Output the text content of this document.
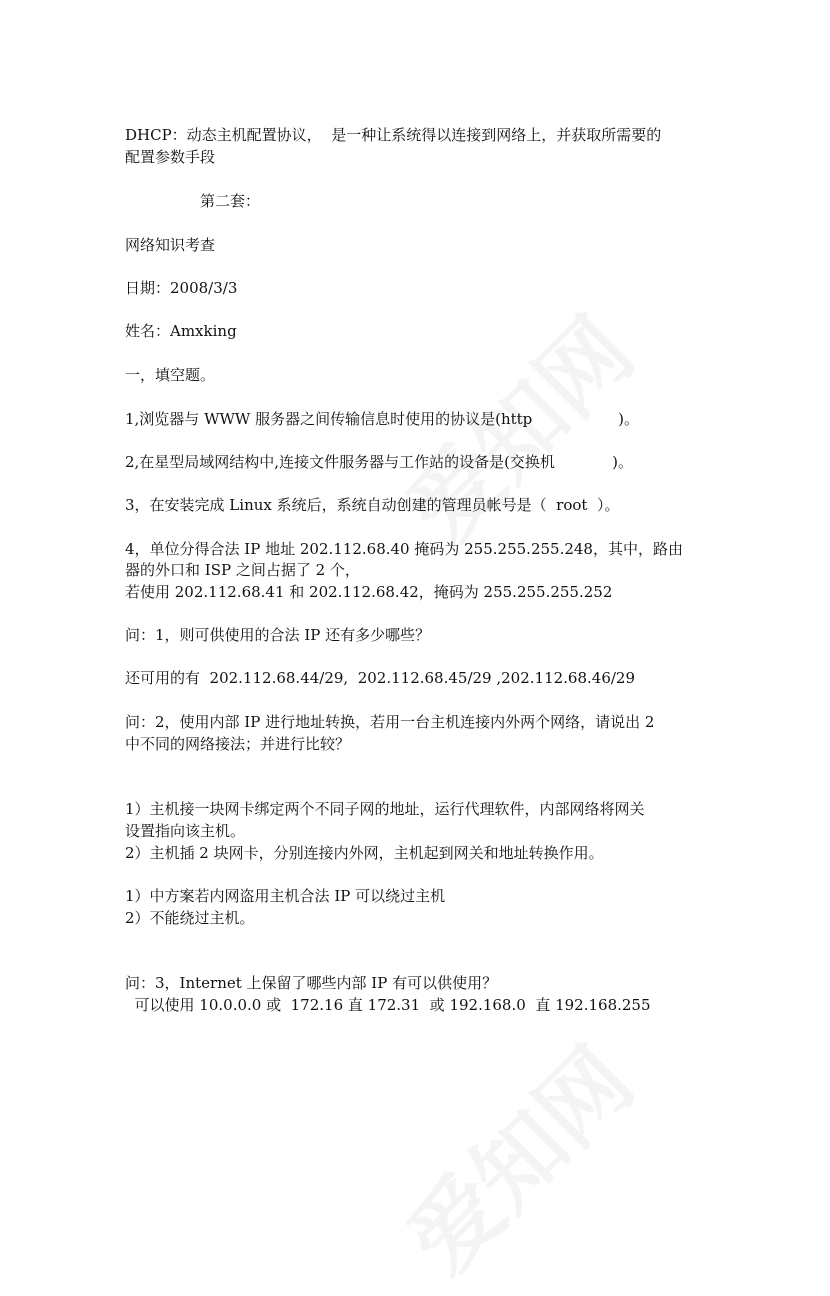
DHCP：动态主机配置协议，  是一种让系统得以连接到网络上，并获取所需要的

配置参数手段

第二套：

网络知识考查

日期：2008/3/3

姓名：Amxking

一，填空题。

1,浏览器与 WWW 服务器之间传输信息时使用的协议是(http                  )。

2,在星型局域网结构中,连接文件服务器与工作站的设备是(交换机            )。

3，在安装完成 Linux 系统后，系统自动创建的管理员帐号是（  root  ）。

4，单位分得合法 IP 地址 202.112.68.40 掩码为 255.255.255.248，其中，路由

器的外口和 ISP 之间占据了 2 个，

若使用 202.112.68.41 和 202.112.68.42，掩码为 255.255.255.252

问：1，则可供使用的合法 IP 还有多少哪些？

还可用的有  202.112.68.44/29,  202.112.68.45/29 ,202.112.68.46/29

问：2，使用内部 IP 进行地址转换，若用一台主机连接内外两个网络，请说出 2

中不同的网络接法；并进行比较？

1）主机接一块网卡绑定两个不同子网的地址，运行代理软件，内部网络将网关

设置指向该主机。

2）主机插 2 块网卡，分别连接内外网，主机起到网关和地址转换作用。

1）中方案若内网盗用主机合法 IP 可以绕过主机

2）不能绕过主机。

问：3，Internet 上保留了哪些内部 IP 有可以供使用？

可以使用 10.0.0.0 或  172.16 直 172.31  或 192.168.0  直 192.168.255
